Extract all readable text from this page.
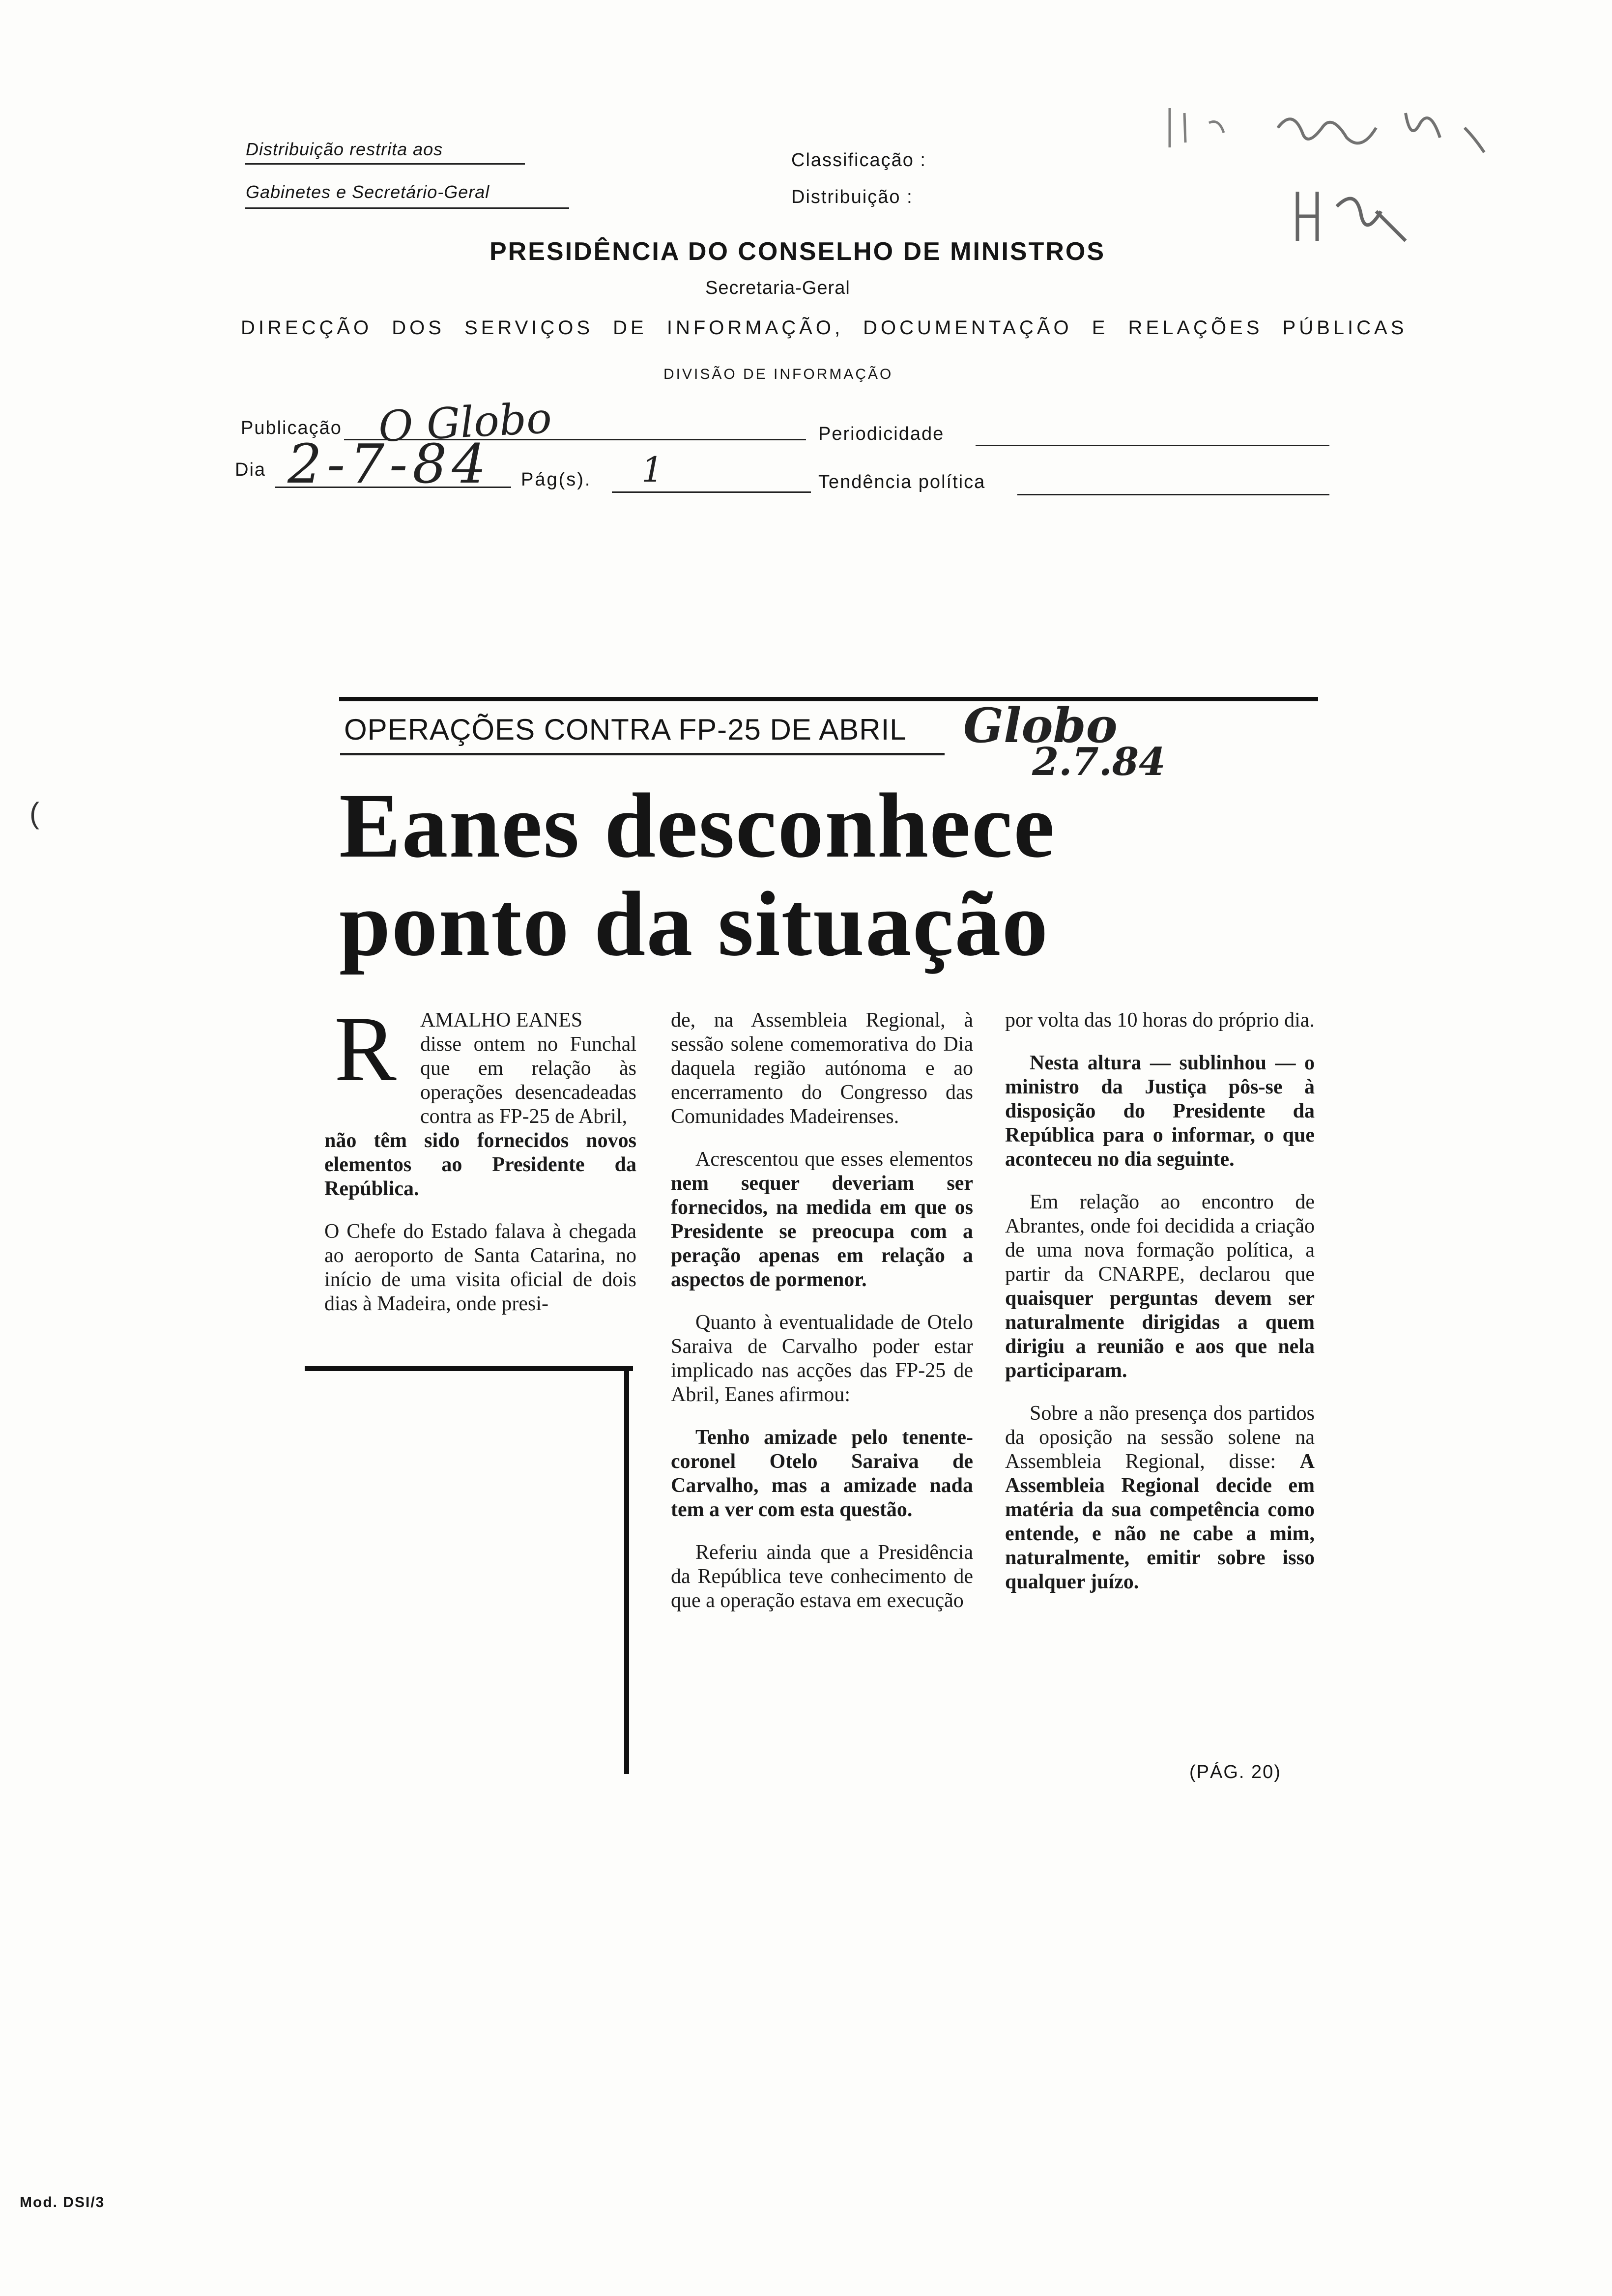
Distribuição restrita aos
Gabinetes e Secretário-Geral
Classificação :
Distribuição :
PRESIDÊNCIA DO CONSELHO DE MINISTROS
Secretaria-Geral
DIRECÇÃO DOS SERVIÇOS DE INFORMAÇÃO, DOCUMENTAÇÃO E RELAÇÕES PÚBLICAS
DIVISÃO DE INFORMAÇÃO
Publicação O Globo	Periodicidade
Dia 2-7-84 Pág(s). 1	Tendência política
OPERAÇÕES CONTRA FP-25 DE ABRIL Globo
2.7.84
Eanes desconhece
ponto da situação
R AMALHO EANES

disse ontem no Funchal que em relação às operações desencadeadas contra as FP-25 de Abril,
não têm sido fornecidos novos elementos ao Presidente da República.

O Chefe do Estado falava à chegada ao aeroporto de Santa Catarina, no início de uma visita oficial de dois dias à Madeira, onde presi-

de, na Assembleia Regional, à sessão solene comemorativa do Dia daquela região autónoma e ao encerramento do Congresso das Comunidades Madeirenses.

Acrescentou que esses elementos nem sequer deveriam ser fornecidos, na medida em que os Presidente se preocupa com a peração apenas em relação a aspectos de pormenor.

Quanto à eventualidade de Otelo Saraiva de Carvalho poder estar implicado nas acções das FP-25 de Abril, Eanes afirmou:

Tenho amizade pelo tenente-coronel Otelo Saraiva de Carvalho, mas a amizade nada tem a ver com esta questão.

Referiu ainda que a Presidência da República teve conhecimento de que a operação estava em execução

por volta das 10 horas do próprio dia.

Nesta altura — sublinhou — o ministro da Justiça pôs-se à disposição do Presidente da República para o informar, o que aconteceu no dia seguinte.

Em relação ao encontro de Abrantes, onde foi decidida a criação de uma nova formação política, a partir da CNARPE, declarou que quaisquer perguntas devem ser naturalmente dirigidas a quem dirigiu a reunião e aos que nela participaram.

Sobre a não presença dos partidos da oposição na sessão solene na Assembleia Regional, disse: A Assembleia Regional decide em matéria da sua competência como entende, e não ne cabe a mim, naturalmente, emitir sobre isso qualquer juízo.

(PÁG. 20)
(
Mod. DSI/3
